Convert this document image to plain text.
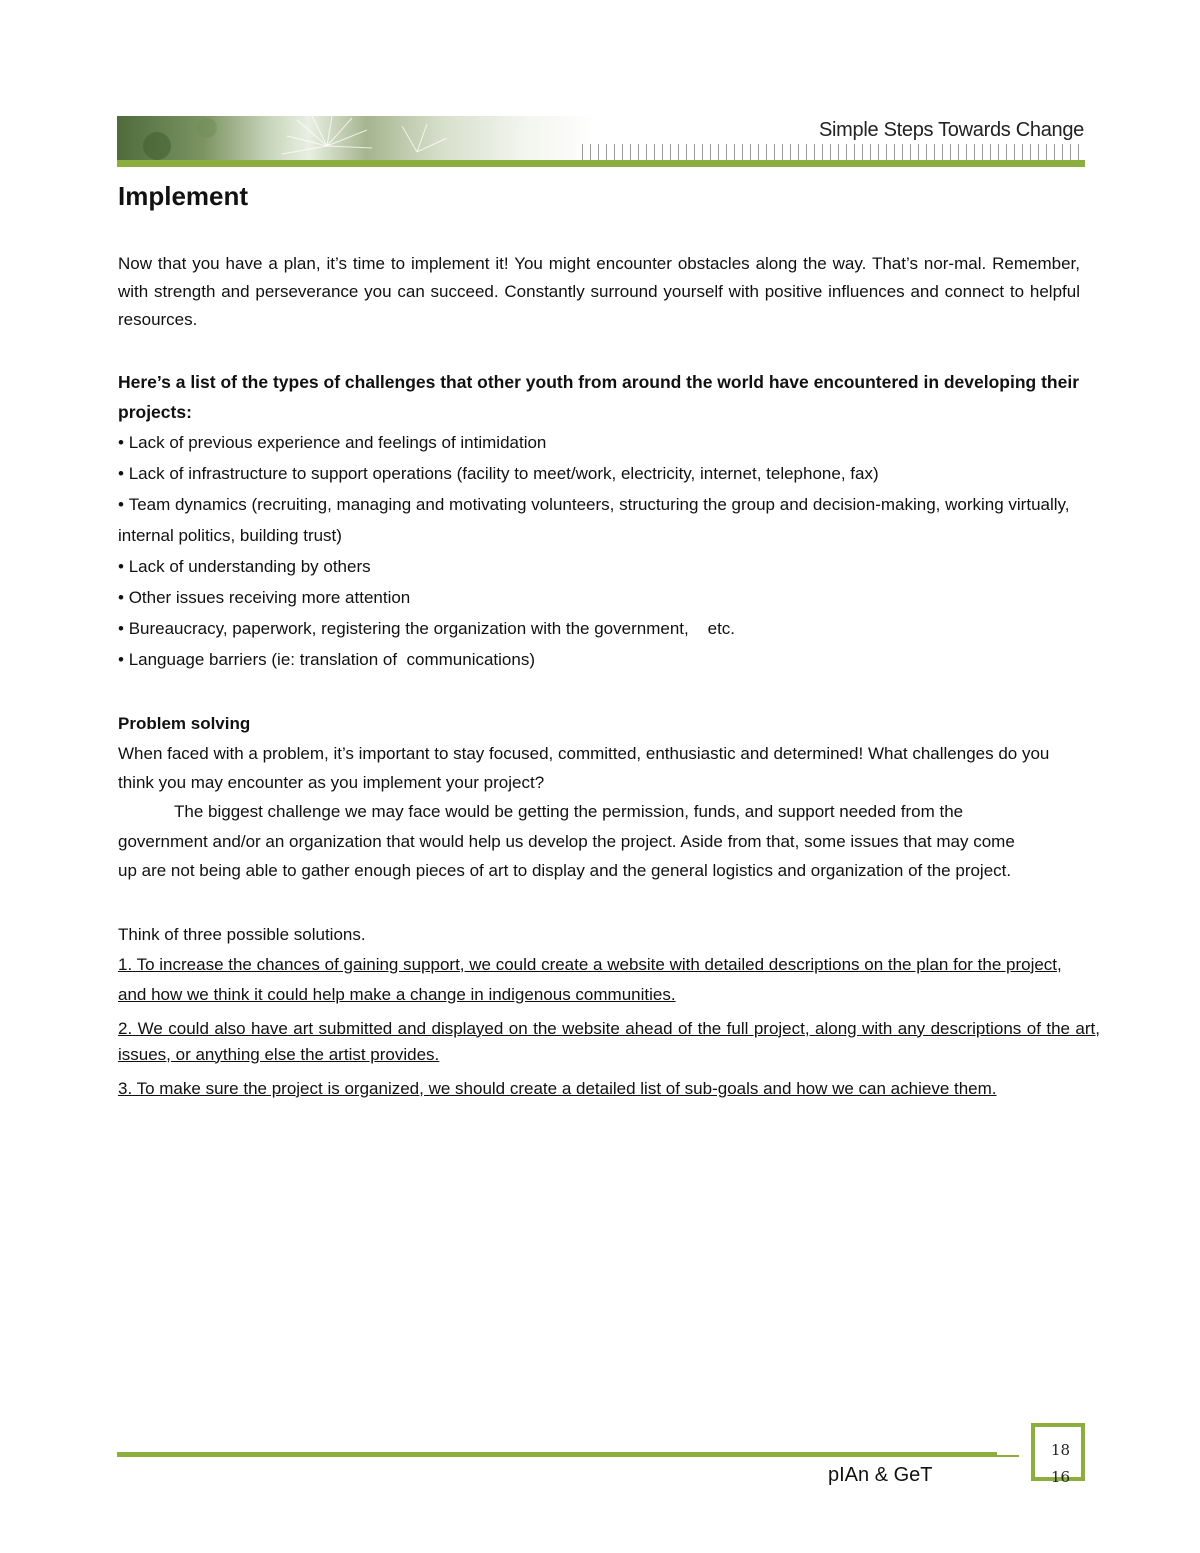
Simple Steps Towards Change
Implement

Now that you have a plan, it’s time to implement it! You might encounter obstacles along the way. That’s nor-mal. Remember, with strength and perseverance you can succeed. Constantly surround yourself with positive influences and connect to helpful resources.

Here’s a list of the types of challenges that other youth from around the world have encountered in developing their projects:

• Lack of previous experience and feelings of intimidation
• Lack of infrastructure to support operations (facility to meet/work, electricity, internet, telephone, fax)
• Team dynamics (recruiting, managing and motivating volunteers, structuring the group and decision-making, working virtually, internal politics, building trust)
• Lack of understanding by others
• Other issues receiving more attention
• Bureaucracy, paperwork, registering the organization with the government,    etc.
• Language barriers (ie: translation of  communications)

Problem solving

When faced with a problem, it’s important to stay focused, committed, enthusiastic and determined! What challenges do you think you may encounter as you implement your project?

The biggest challenge we may face would be getting the permission, funds, and support needed from the government and/or an organization that would help us develop the project. Aside from that, some issues that may come up are not being able to gather enough pieces of art to display and the general logistics and organization of the project.

Think of three possible solutions.

1. To increase the chances of gaining support, we could create a website with detailed descriptions on the plan for the project, and how we think it could help make a change in indigenous communities.

2. We could also have art submitted and displayed on the website ahead of the full project, along with any descriptions of the art, issues, or anything else the artist provides.

3. To make sure the project is organized, we should create a detailed list of sub-goals and how we can achieve them.

18
16
pIAn & GeT
